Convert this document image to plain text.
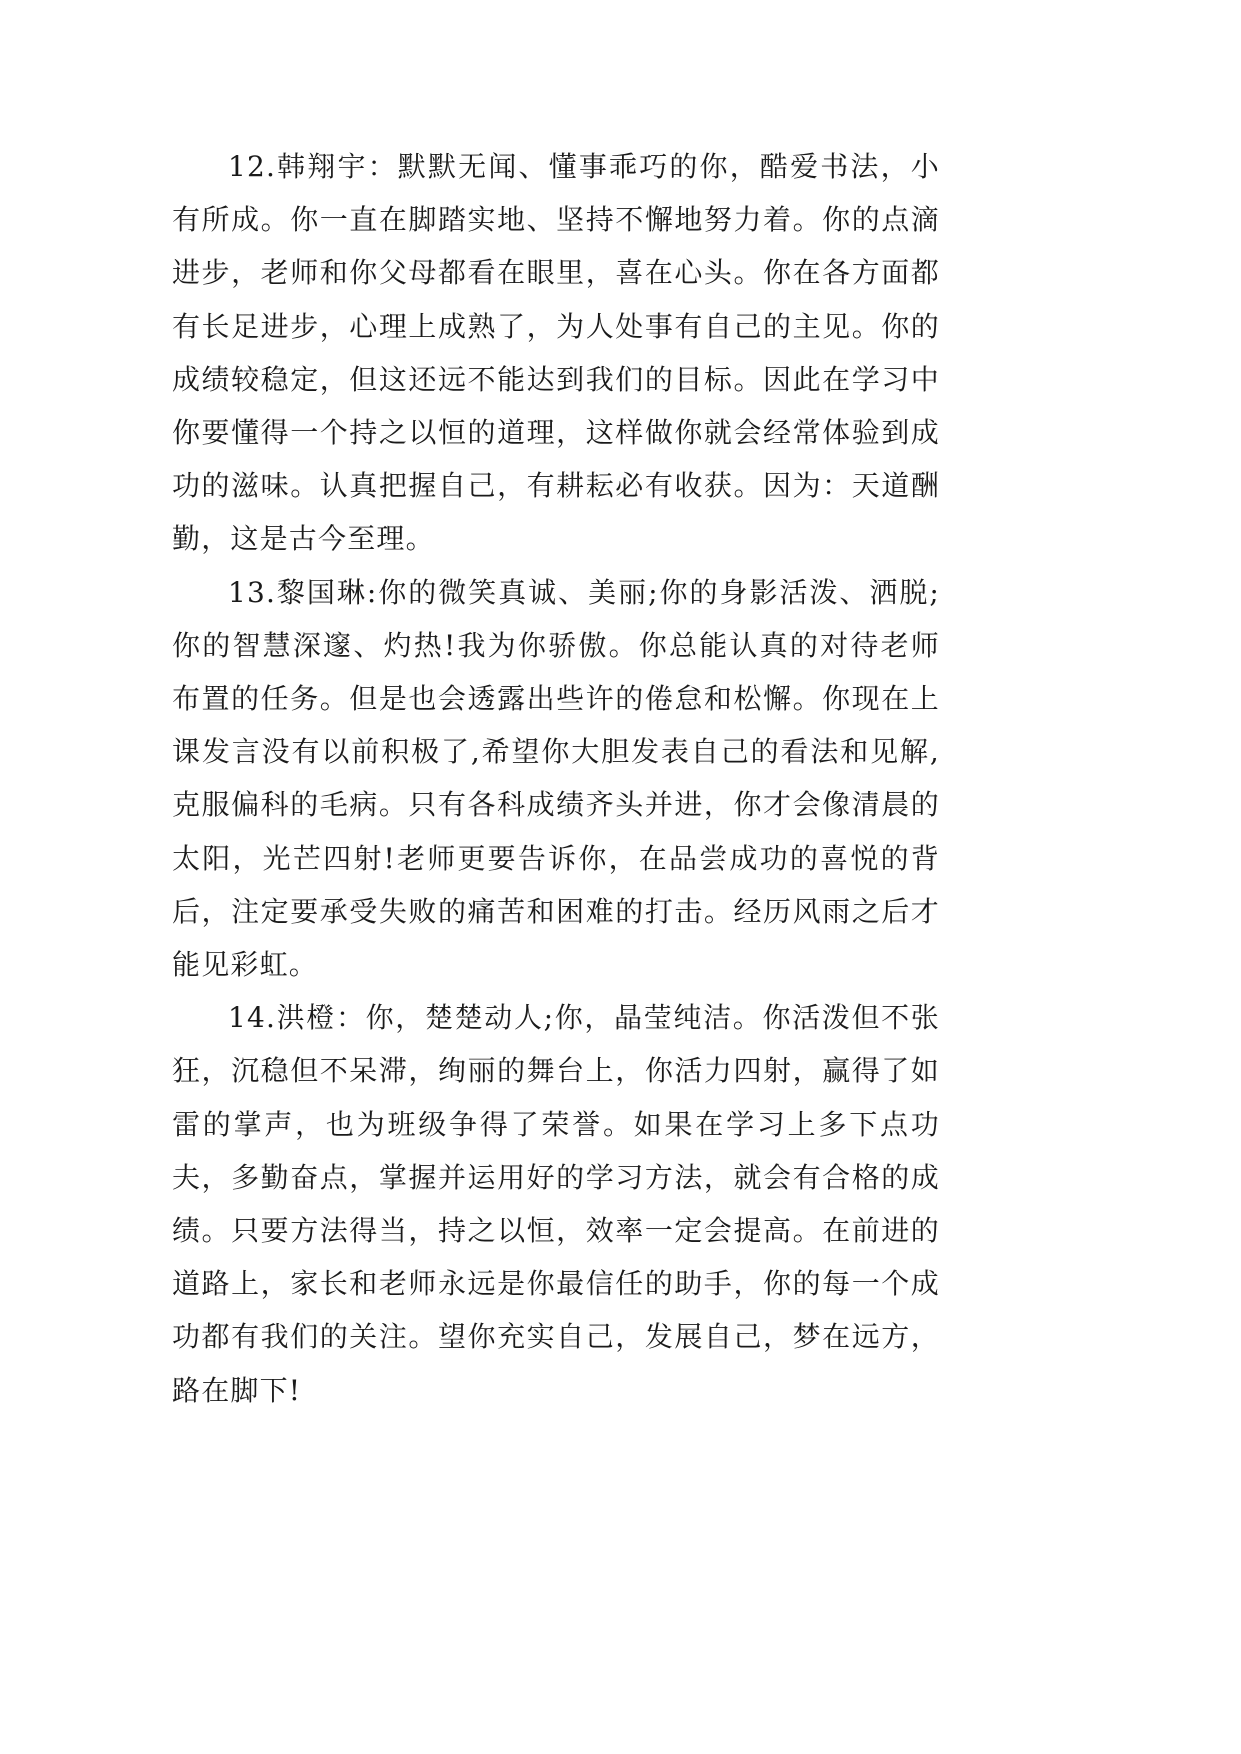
12.韩翔宇：默默无闻、懂事乖巧的你，酷爱书法，小有所成。你一直在脚踏实地、坚持不懈地努力着。你的点滴进步，老师和你父母都看在眼里，喜在心头。你在各方面都有长足进步，心理上成熟了，为人处事有自己的主见。你的成绩较稳定，但这还远不能达到我们的目标。因此在学习中你要懂得一个持之以恒的道理，这样做你就会经常体验到成功的滋味。认真把握自己，有耕耘必有收获。因为：天道酬勤，这是古今至理。

13.黎国琳:你的微笑真诚、美丽;你的身影活泼、洒脱;你的智慧深邃、灼热!我为你骄傲。你总能认真的对待老师布置的任务。但是也会透露出些许的倦怠和松懈。你现在上课发言没有以前积极了,希望你大胆发表自己的看法和见解,克服偏科的毛病。只有各科成绩齐头并进，你才会像清晨的太阳，光芒四射!老师更要告诉你，在品尝成功的喜悦的背后，注定要承受失败的痛苦和困难的打击。经历风雨之后才能见彩虹。

14.洪橙：你，楚楚动人;你，晶莹纯洁。你活泼但不张狂，沉稳但不呆滞，绚丽的舞台上，你活力四射，赢得了如雷的掌声，也为班级争得了荣誉。如果在学习上多下点功夫，多勤奋点，掌握并运用好的学习方法，就会有合格的成绩。只要方法得当，持之以恒，效率一定会提高。在前进的道路上，家长和老师永远是你最信任的助手，你的每一个成功都有我们的关注。望你充实自己，发展自己，梦在远方，路在脚下!
